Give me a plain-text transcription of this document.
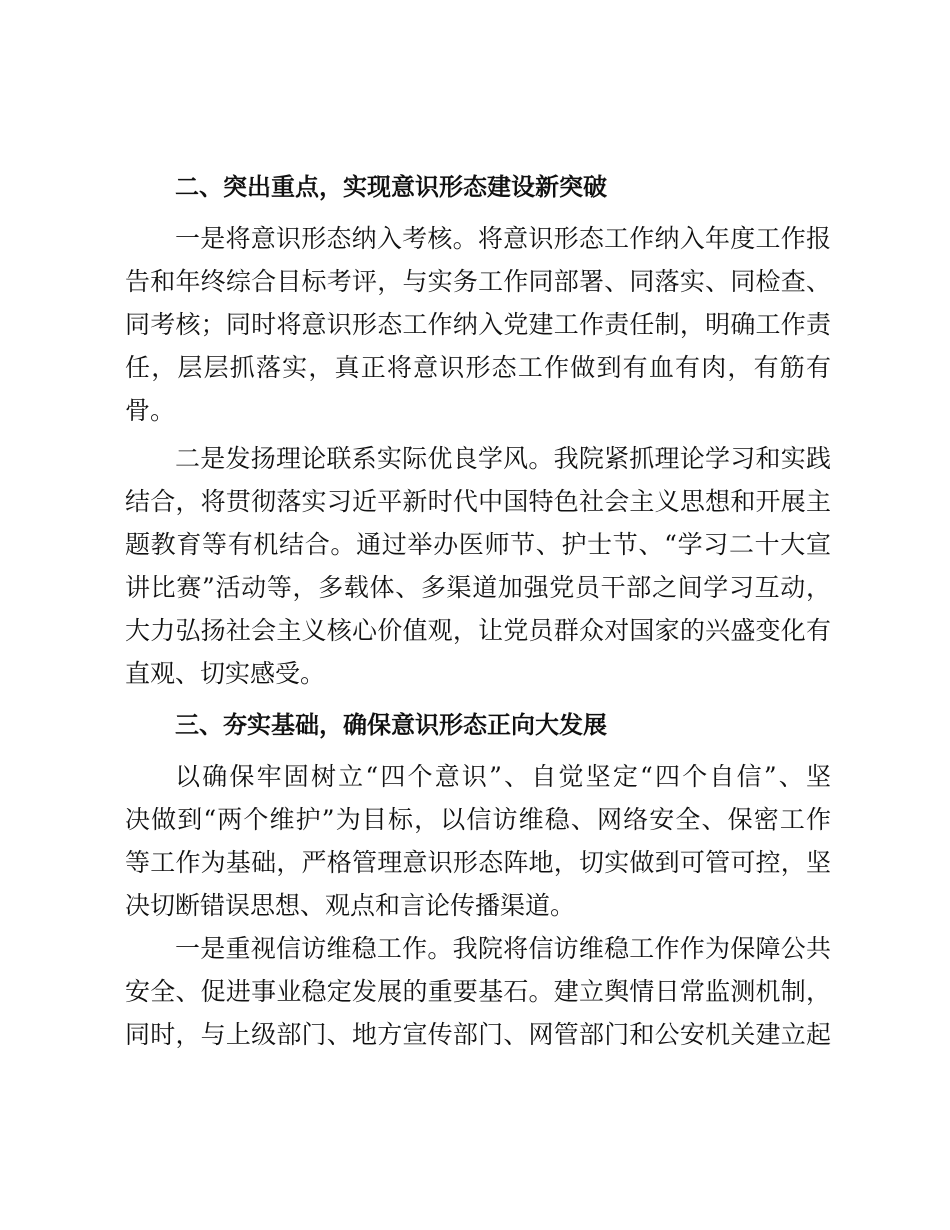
二、突出重点，实现意识形态建设新突破
一是将意识形态纳入考核。将意识形态工作纳入年度工作报
告和年终综合目标考评，与实务工作同部署、同落实、同检查、
同考核；同时将意识形态工作纳入党建工作责任制，明确工作责
任，层层抓落实，真正将意识形态工作做到有血有肉，有筋有
骨。
二是发扬理论联系实际优良学风。我院紧抓理论学习和实践
结合，将贯彻落实习近平新时代中国特色社会主义思想和开展主
题教育等有机结合。通过举办医师节、护士节、“学习二十大宣
讲比赛”活动等，多载体、多渠道加强党员干部之间学习互动，
大力弘扬社会主义核心价值观，让党员群众对国家的兴盛变化有
直观、切实感受。
三、夯实基础，确保意识形态正向大发展
以确保牢固树立“四个意识”、自觉坚定“四个自信”、坚
决做到“两个维护”为目标，以信访维稳、网络安全、保密工作
等工作为基础，严格管理意识形态阵地，切实做到可管可控，坚
决切断错误思想、观点和言论传播渠道。
一是重视信访维稳工作。我院将信访维稳工作作为保障公共
安全、促进事业稳定发展的重要基石。建立舆情日常监测机制，
同时，与上级部门、地方宣传部门、网管部门和公安机关建立起
